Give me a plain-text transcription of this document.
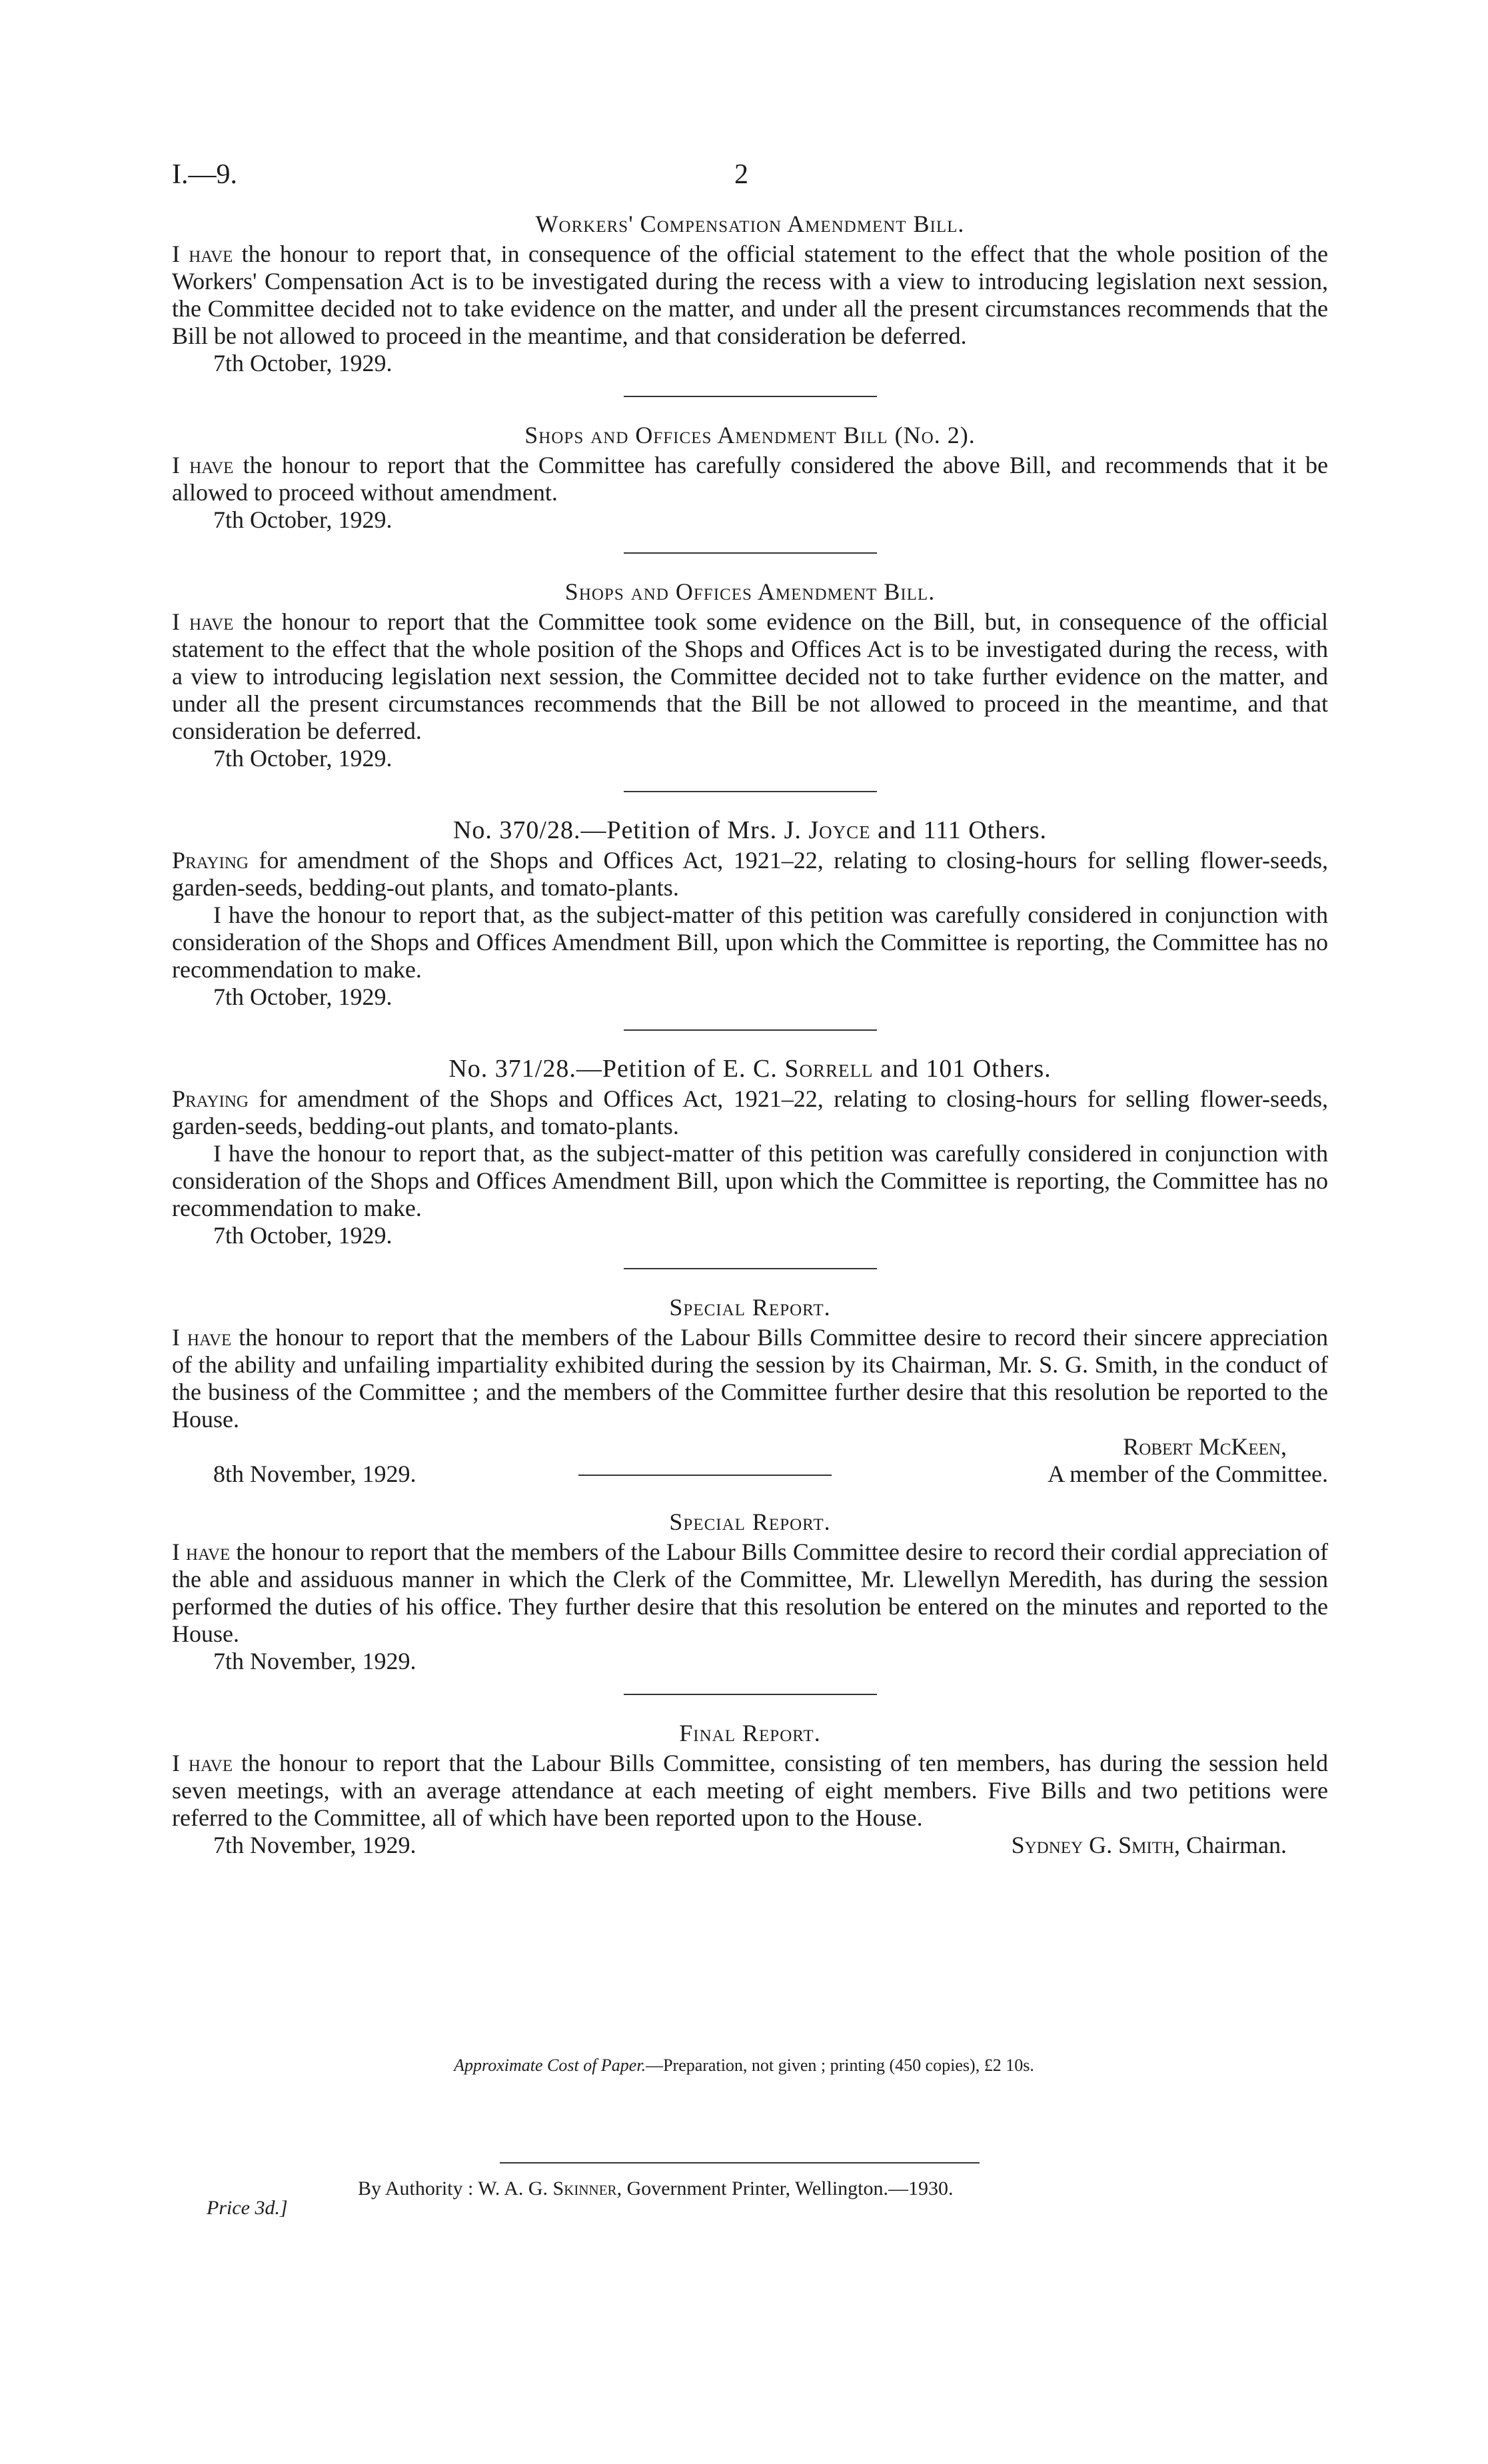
I.—9.	2
Workers' Compensation Amendment Bill.

I have the honour to report that, in consequence of the official statement to the effect that the whole position of the Workers' Compensation Act is to be investigated during the recess with a view to introducing legislation next session, the Committee decided not to take evidence on the matter, and under all the present circumstances recommends that the Bill be not allowed to proceed in the meantime, and that consideration be deferred.

7th October, 1929.
Shops and Offices Amendment Bill (No. 2).

I have the honour to report that the Committee has carefully considered the above Bill, and recommends that it be allowed to proceed without amendment.

7th October, 1929.
Shops and Offices Amendment Bill.

I have the honour to report that the Committee took some evidence on the Bill, but, in consequence of the official statement to the effect that the whole position of the Shops and Offices Act is to be investigated during the recess, with a view to introducing legislation next session, the Committee decided not to take further evidence on the matter, and under all the present circumstances recommends that the Bill be not allowed to proceed in the meantime, and that consideration be deferred.

7th October, 1929.
No. 370/28.—Petition of Mrs. J. Joyce and 111 Others.

Praying for amendment of the Shops and Offices Act, 1921–22, relating to closing-hours for selling flower-seeds, garden-seeds, bedding-out plants, and tomato-plants.

I have the honour to report that, as the subject-matter of this petition was carefully considered in conjunction with consideration of the Shops and Offices Amendment Bill, upon which the Committee is reporting, the Committee has no recommendation to make.

7th October, 1929.
No. 371/28.—Petition of E. C. Sorrell and 101 Others.

Praying for amendment of the Shops and Offices Act, 1921–22, relating to closing-hours for selling flower-seeds, garden-seeds, bedding-out plants, and tomato-plants.

I have the honour to report that, as the subject-matter of this petition was carefully considered in conjunction with consideration of the Shops and Offices Amendment Bill, upon which the Committee is reporting, the Committee has no recommendation to make.

7th October, 1929.
Special Report.

I have the honour to report that the members of the Labour Bills Committee desire to record their sincere appreciation of the ability and unfailing impartiality exhibited during the session by its Chairman, Mr. S. G. Smith, in the conduct of the business of the Committee ; and the members of the Committee further desire that this resolution be reported to the House.

Robert McKeen,
8th November, 1929.	A member of the Committee.
Special Report.

I have the honour to report that the members of the Labour Bills Committee desire to record their cordial appreciation of the able and assiduous manner in which the Clerk of the Committee, Mr. Llewellyn Meredith, has during the session performed the duties of his office. They further desire that this resolution be entered on the minutes and reported to the House.

7th November, 1929.
Final Report.

I have the honour to report that the Labour Bills Committee, consisting of ten members, has during the session held seven meetings, with an average attendance at each meeting of eight members. Five Bills and two petitions were referred to the Committee, all of which have been reported upon to the House.

7th November, 1929.	Sydney G. Smith, Chairman.
Approximate Cost of Paper.—Preparation, not given ; printing (450 copies), £2 10s.
By Authority : W. A. G. Skinner, Government Printer, Wellington.—1930.
Price 3d.]
